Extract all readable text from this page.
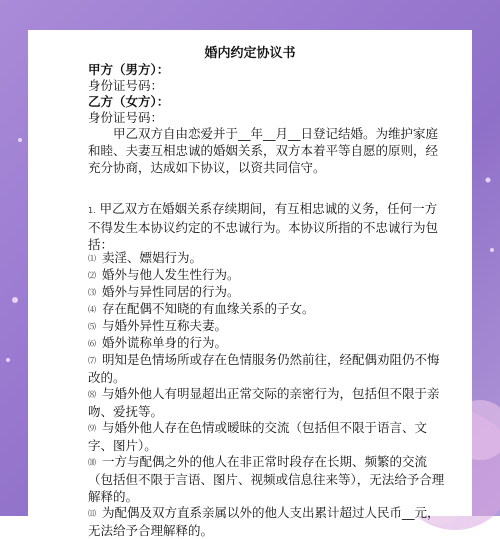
婚内约定协议书
甲方（男方）：
身份证号码：
乙方（女方）：
身份证号码：
甲乙双方自由恋爱并于__年__月__日登记结婚。为维护家庭和睦、夫妻互相忠诚的婚姻关系，双方本着平等自愿的原则，经充分协商，达成如下协议，以资共同信守。
1. 甲乙双方在婚姻关系存续期间，有互相忠诚的义务，任何一方不得发生本协议约定的不忠诚行为。本协议所指的不忠诚行为包括：
⑴ 卖淫、嫖娼行为。
⑵ 婚外与他人发生性行为。
⑶ 婚外与异性同居的行为。
⑷ 存在配偶不知晓的有血缘关系的子女。
⑸ 与婚外异性互称夫妻。
⑹ 婚外谎称单身的行为。
⑺ 明知是色情场所或存在色情服务仍然前往，经配偶劝阻仍不悔改的。
⑻ 与婚外他人有明显超出正常交际的亲密行为，包括但不限于亲吻、爱抚等。
⑼ 与婚外他人存在色情或暧昧的交流（包括但不限于语言、文字、图片）。
⑽ 一方与配偶之外的他人在非正常时段存在长期、频繁的交流（包括但不限于言语、图片、视频或信息往来等），无法给予合理解释的。
⑾ 为配偶及双方直系亲属以外的他人支出累计超过人民币__元，无法给予合理解释的。
